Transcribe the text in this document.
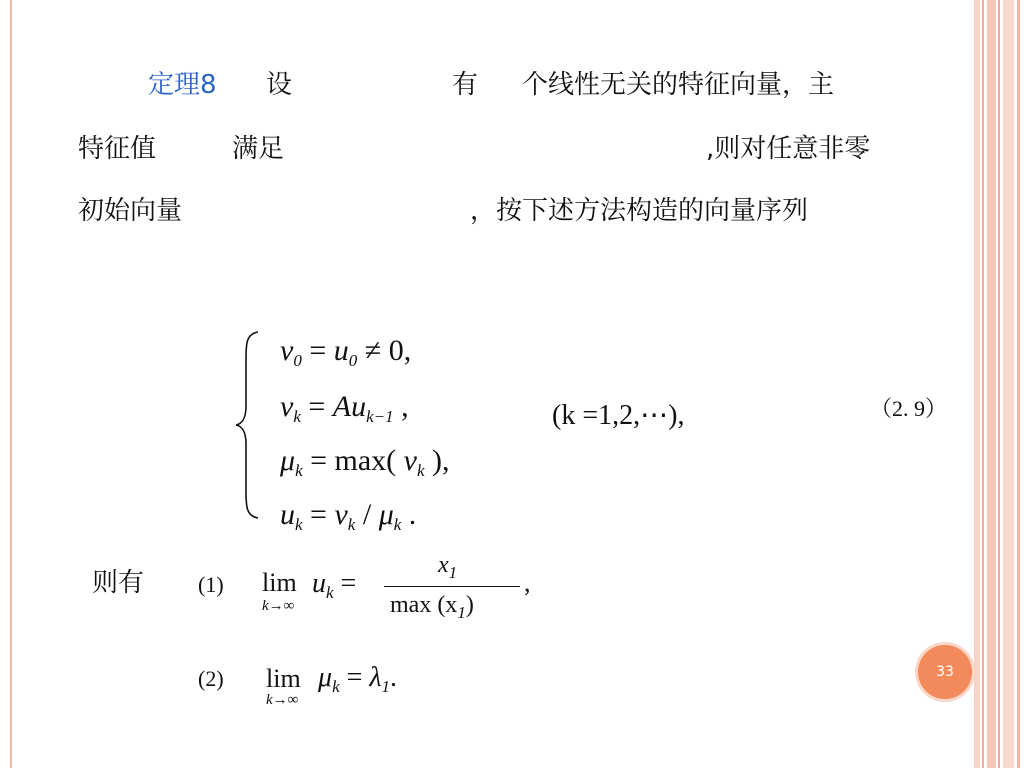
定理8 设	有 个线性无关的特征向量，主
特征值	满足	,则对任意非零
初始向量	，按下述方法构造的向量序列
$v_0 = u_0 \ne 0$,
$v_k = Au_{k-1}$ ,
$\mu_k = \max$( $v_k$ ),
$u_k = v_k / \mu_k$ .
(k =1,2,⋯),	（2. 9）
则有 (1) lim
k→∞
$u_k$ =
$x_1$
$\max (x_1)$
,
(2) lim
k→∞
$\mu_k = \lambda_1$.	33
